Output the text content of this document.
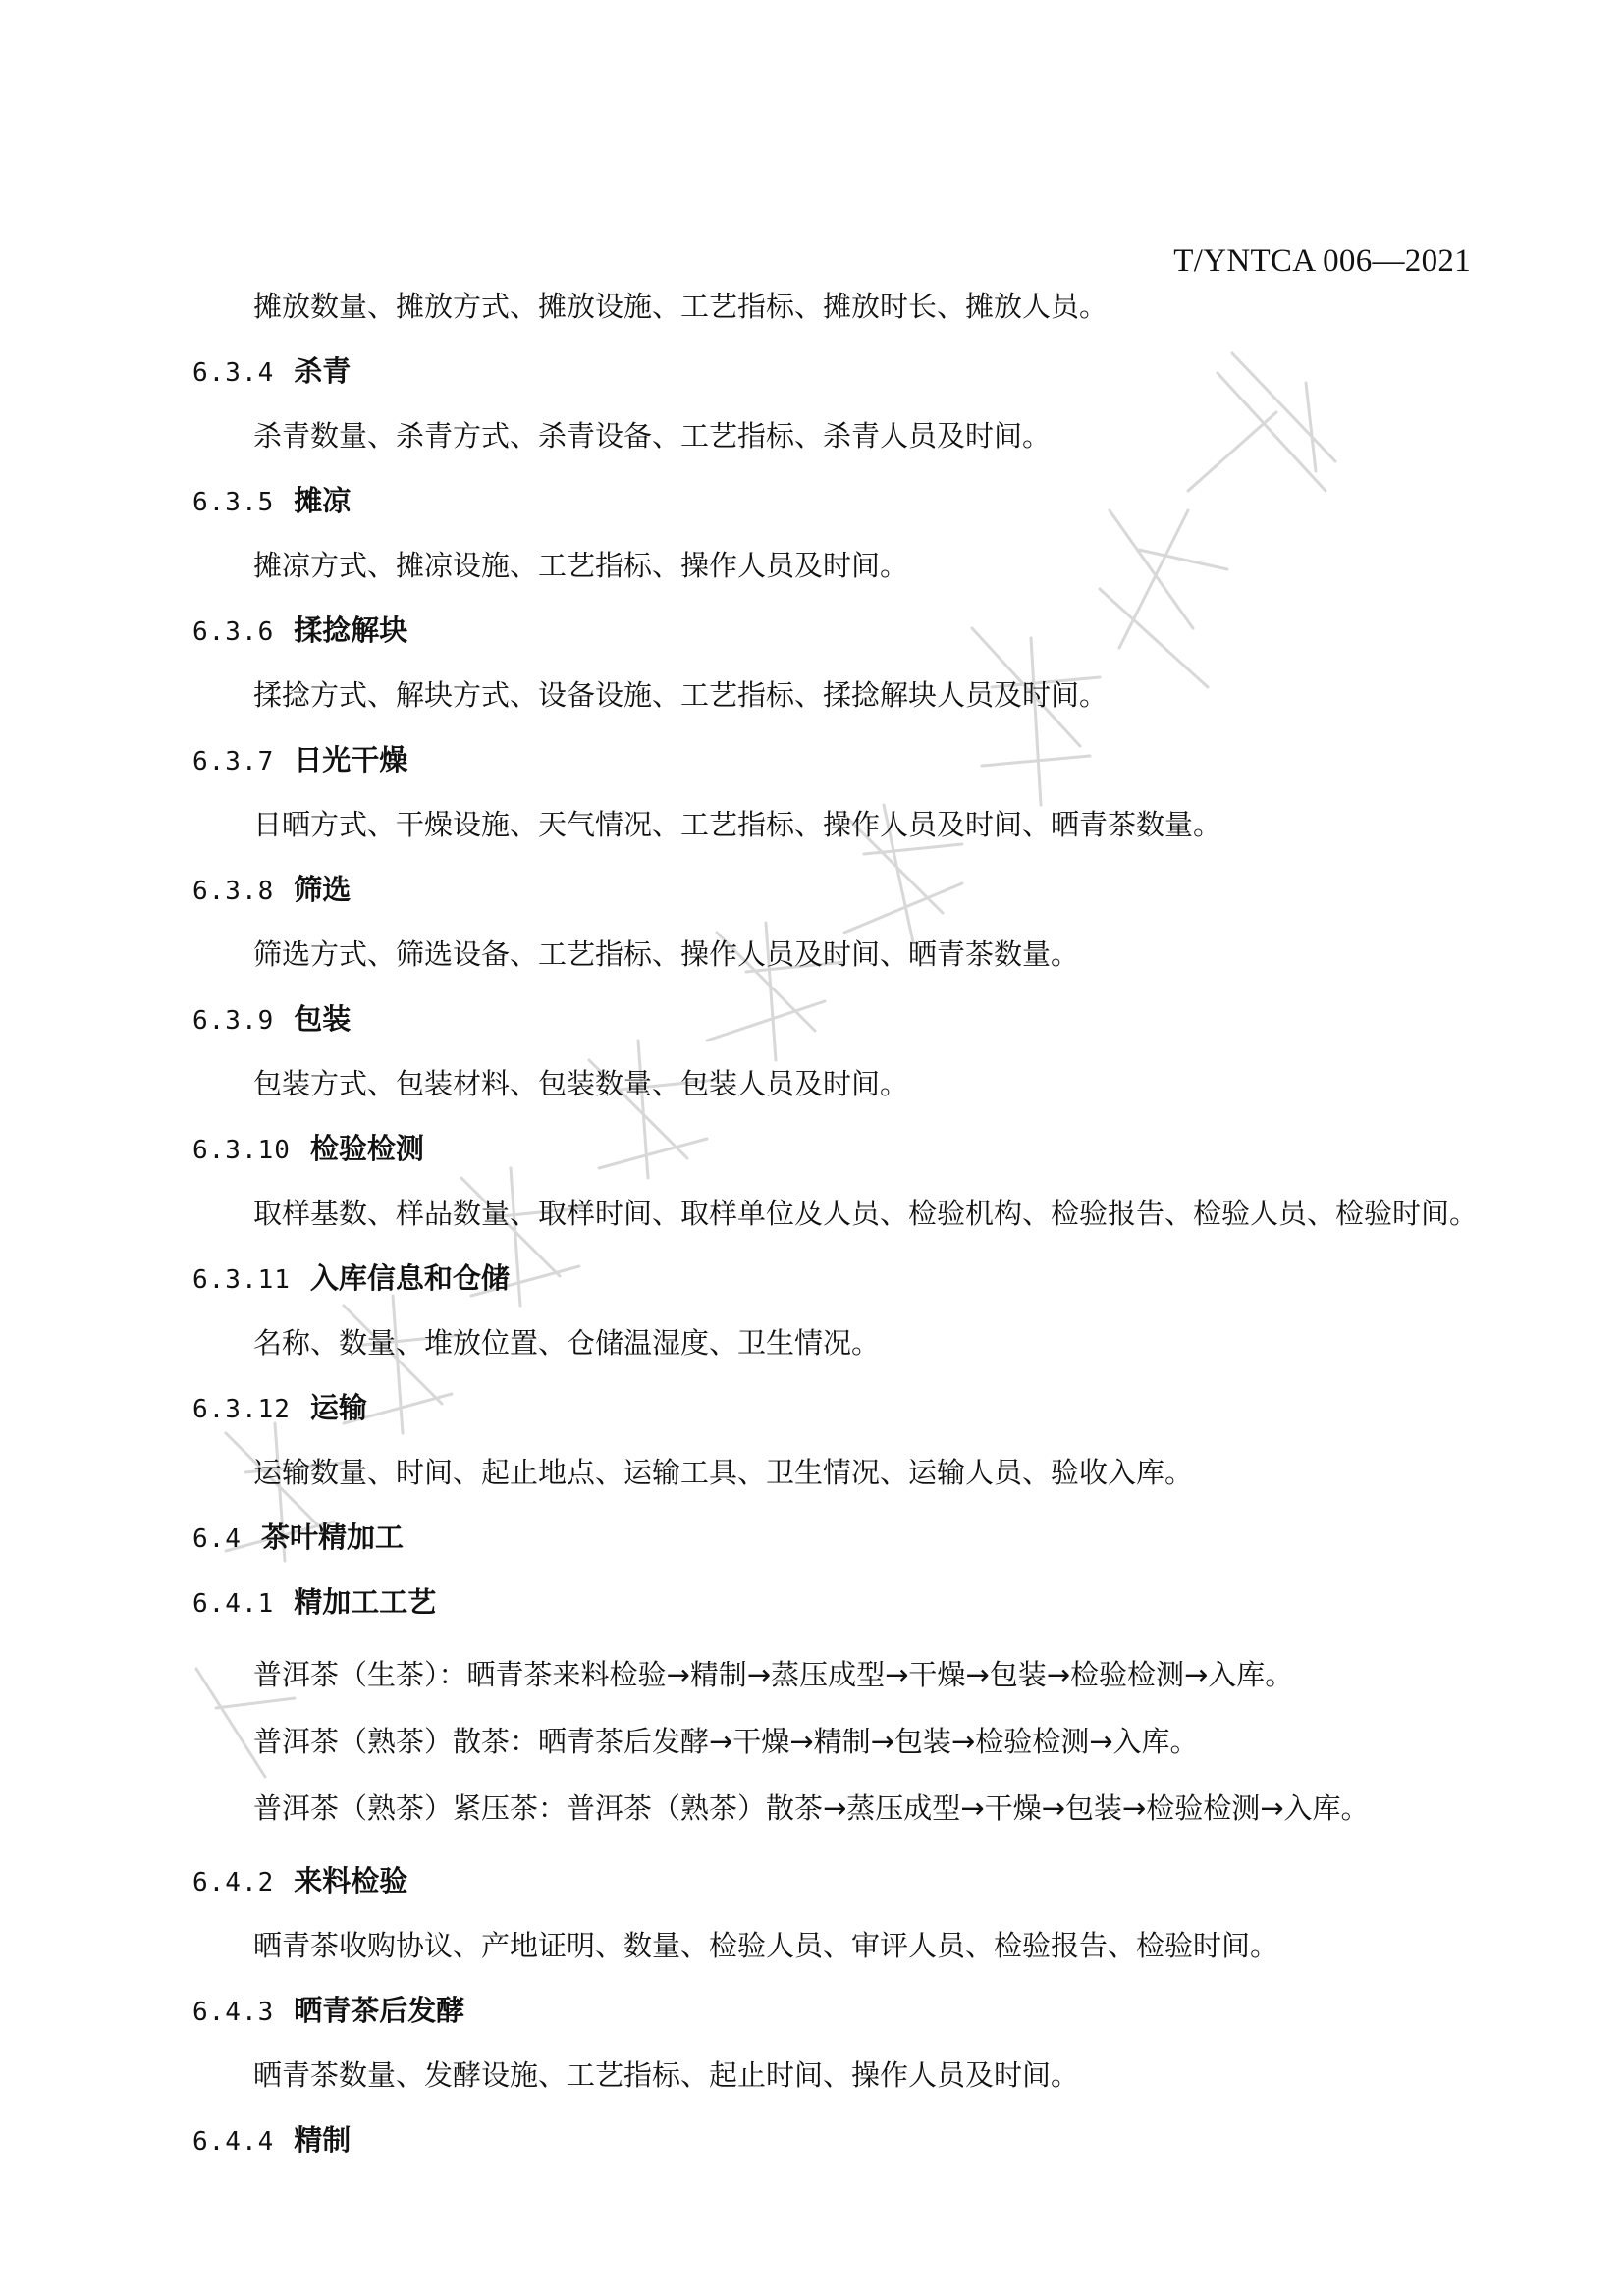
T/YNTCA 006—2021
摊放数量、摊放方式、摊放设施、工艺指标、摊放时长、摊放人员。
6.3.4 杀青
杀青数量、杀青方式、杀青设备、工艺指标、杀青人员及时间。
6.3.5 摊凉
摊凉方式、摊凉设施、工艺指标、操作人员及时间。
6.3.6 揉捻解块
揉捻方式、解块方式、设备设施、工艺指标、揉捻解块人员及时间。
6.3.7 日光干燥
日晒方式、干燥设施、天气情况、工艺指标、操作人员及时间、晒青茶数量。
6.3.8 筛选
筛选方式、筛选设备、工艺指标、操作人员及时间、晒青茶数量。
6.3.9 包装
包装方式、包装材料、包装数量、包装人员及时间。
6.3.10 检验检测
取样基数、样品数量、取样时间、取样单位及人员、检验机构、检验报告、检验人员、检验时间。
6.3.11 入库信息和仓储
名称、数量、堆放位置、仓储温湿度、卫生情况。
6.3.12 运输
运输数量、时间、起止地点、运输工具、卫生情况、运输人员、验收入库。
6.4 茶叶精加工
6.4.1 精加工工艺
普洱茶（生茶）：晒青茶来料检验→精制→蒸压成型→干燥→包装→检验检测→入库。
普洱茶（熟茶）散茶：晒青茶后发酵→干燥→精制→包装→检验检测→入库。
普洱茶（熟茶）紧压茶：普洱茶（熟茶）散茶→蒸压成型→干燥→包装→检验检测→入库。
6.4.2 来料检验
晒青茶收购协议、产地证明、数量、检验人员、审评人员、检验报告、检验时间。
6.4.3 晒青茶后发酵
晒青茶数量、发酵设施、工艺指标、起止时间、操作人员及时间。
6.4.4 精制
